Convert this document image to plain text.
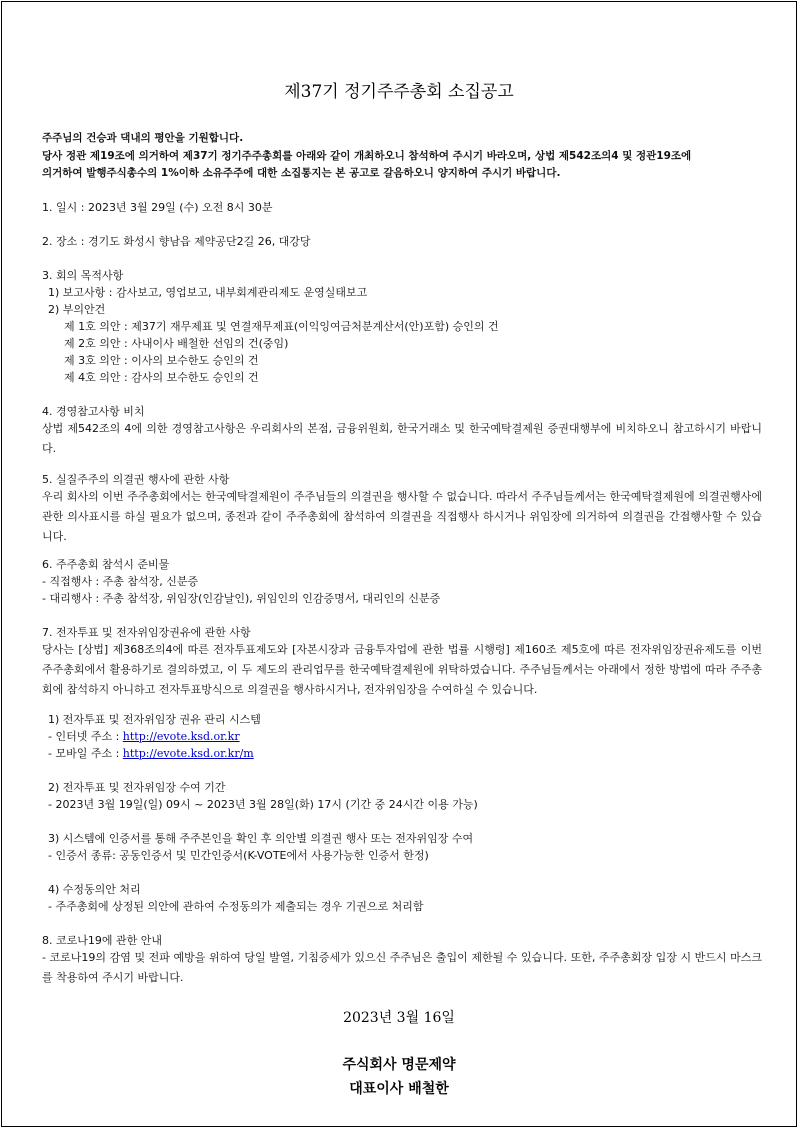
제37기 정기주주총회 소집공고
주주님의 건승과 댁내의 평안을 기원합니다.
당사 정관 제19조에 의거하여 제37기 정기주주총회를 아래와 같이 개최하오니 참석하여 주시기 바라오며, 상법 제542조의4 및 정관19조에
의거하여 발행주식총수의 1%이하 소유주주에 대한 소집통지는 본 공고로 갈음하오니 양지하여 주시기 바랍니다.
1. 일시 : 2023년 3월 29일 (수) 오전 8시 30분
2. 장소 : 경기도 화성시 향남읍 제약공단2길 26, 대강당
3. 회의 목적사항
1) 보고사항 : 감사보고, 영업보고, 내부회계관리제도 운영실태보고
2) 부의안건
제 1호 의안 : 제37기 재무제표 및 연결재무제표(이익잉여금처분계산서(안)포함) 승인의 건
제 2호 의안 : 사내이사 배철한 선임의 건(중임)
제 3호 의안 : 이사의 보수한도 승인의 건
제 4호 의안 : 감사의 보수한도 승인의 건
4. 경영참고사항 비치
상법 제542조의 4에 의한 경영참고사항은 우리회사의 본점, 금융위원회, 한국거래소 및 한국예탁결제원 증권대행부에 비치하오니 참고하시기 바랍니다.
5. 실질주주의 의결권 행사에 관한 사항
우리 회사의 이번 주주총회에서는 한국예탁결제원이 주주님들의 의결권을 행사할 수 없습니다. 따라서 주주님들께서는 한국예탁결제원에 의결권행사에 관한 의사표시를 하실 필요가 없으며, 종전과 같이 주주총회에 참석하여 의결권을 직접행사 하시거나 위임장에 의거하여 의결권을 간접행사할 수 있습니다.
6. 주주총회 참석시 준비물
- 직접행사 : 주총 참석장, 신분증
- 대리행사 : 주총 참석장, 위임장(인감날인), 위임인의 인감증명서, 대리인의 신분증
7. 전자투표 및 전자위임장권유에 관한 사항
당사는 [상법] 제368조의4에 따른 전자투표제도와 [자본시장과 금융투자업에 관한 법률 시행령] 제160조 제5호에 따른 전자위임장권유제도를 이번 주주총회에서 활용하기로 결의하였고, 이 두 제도의 관리업무를 한국예탁결제원에 위탁하였습니다. 주주님들께서는 아래에서 정한 방법에 따라 주주총회에 참석하지 아니하고 전자투표방식으로 의결권을 행사하시거나, 전자위임장을 수여하실 수 있습니다.
1) 전자투표 및 전자위임장 권유 관리 시스템
- 인터넷 주소 : http://evote.ksd.or.kr
- 모바일 주소 : http://evote.ksd.or.kr/m
2) 전자투표 및 전자위임장 수여 기간
- 2023년 3월 19일(일) 09시 ~ 2023년 3월 28일(화) 17시 (기간 중 24시간 이용 가능)
3) 시스템에 인증서를 통해 주주본인을 확인 후 의안별 의결권 행사 또는 전자위임장 수여
- 인증서 종류: 공동인증서 및 민간인증서(K-VOTE에서 사용가능한 인증서 한정)
4) 수정동의안 처리
- 주주총회에 상정된 의안에 관하여 수정동의가 제출되는 경우 기권으로 처리함
8. 코로나19에 관한 안내
- 코로나19의 감염 및 전파 예방을 위하여 당일 발열, 기침증세가 있으신 주주님은 출입이 제한될 수 있습니다. 또한, 주주총회장 입장 시 반드시 마스크를 착용하여 주시기 바랍니다.
2023년 3월 16일
주식회사 명문제약
대표이사 배철한
